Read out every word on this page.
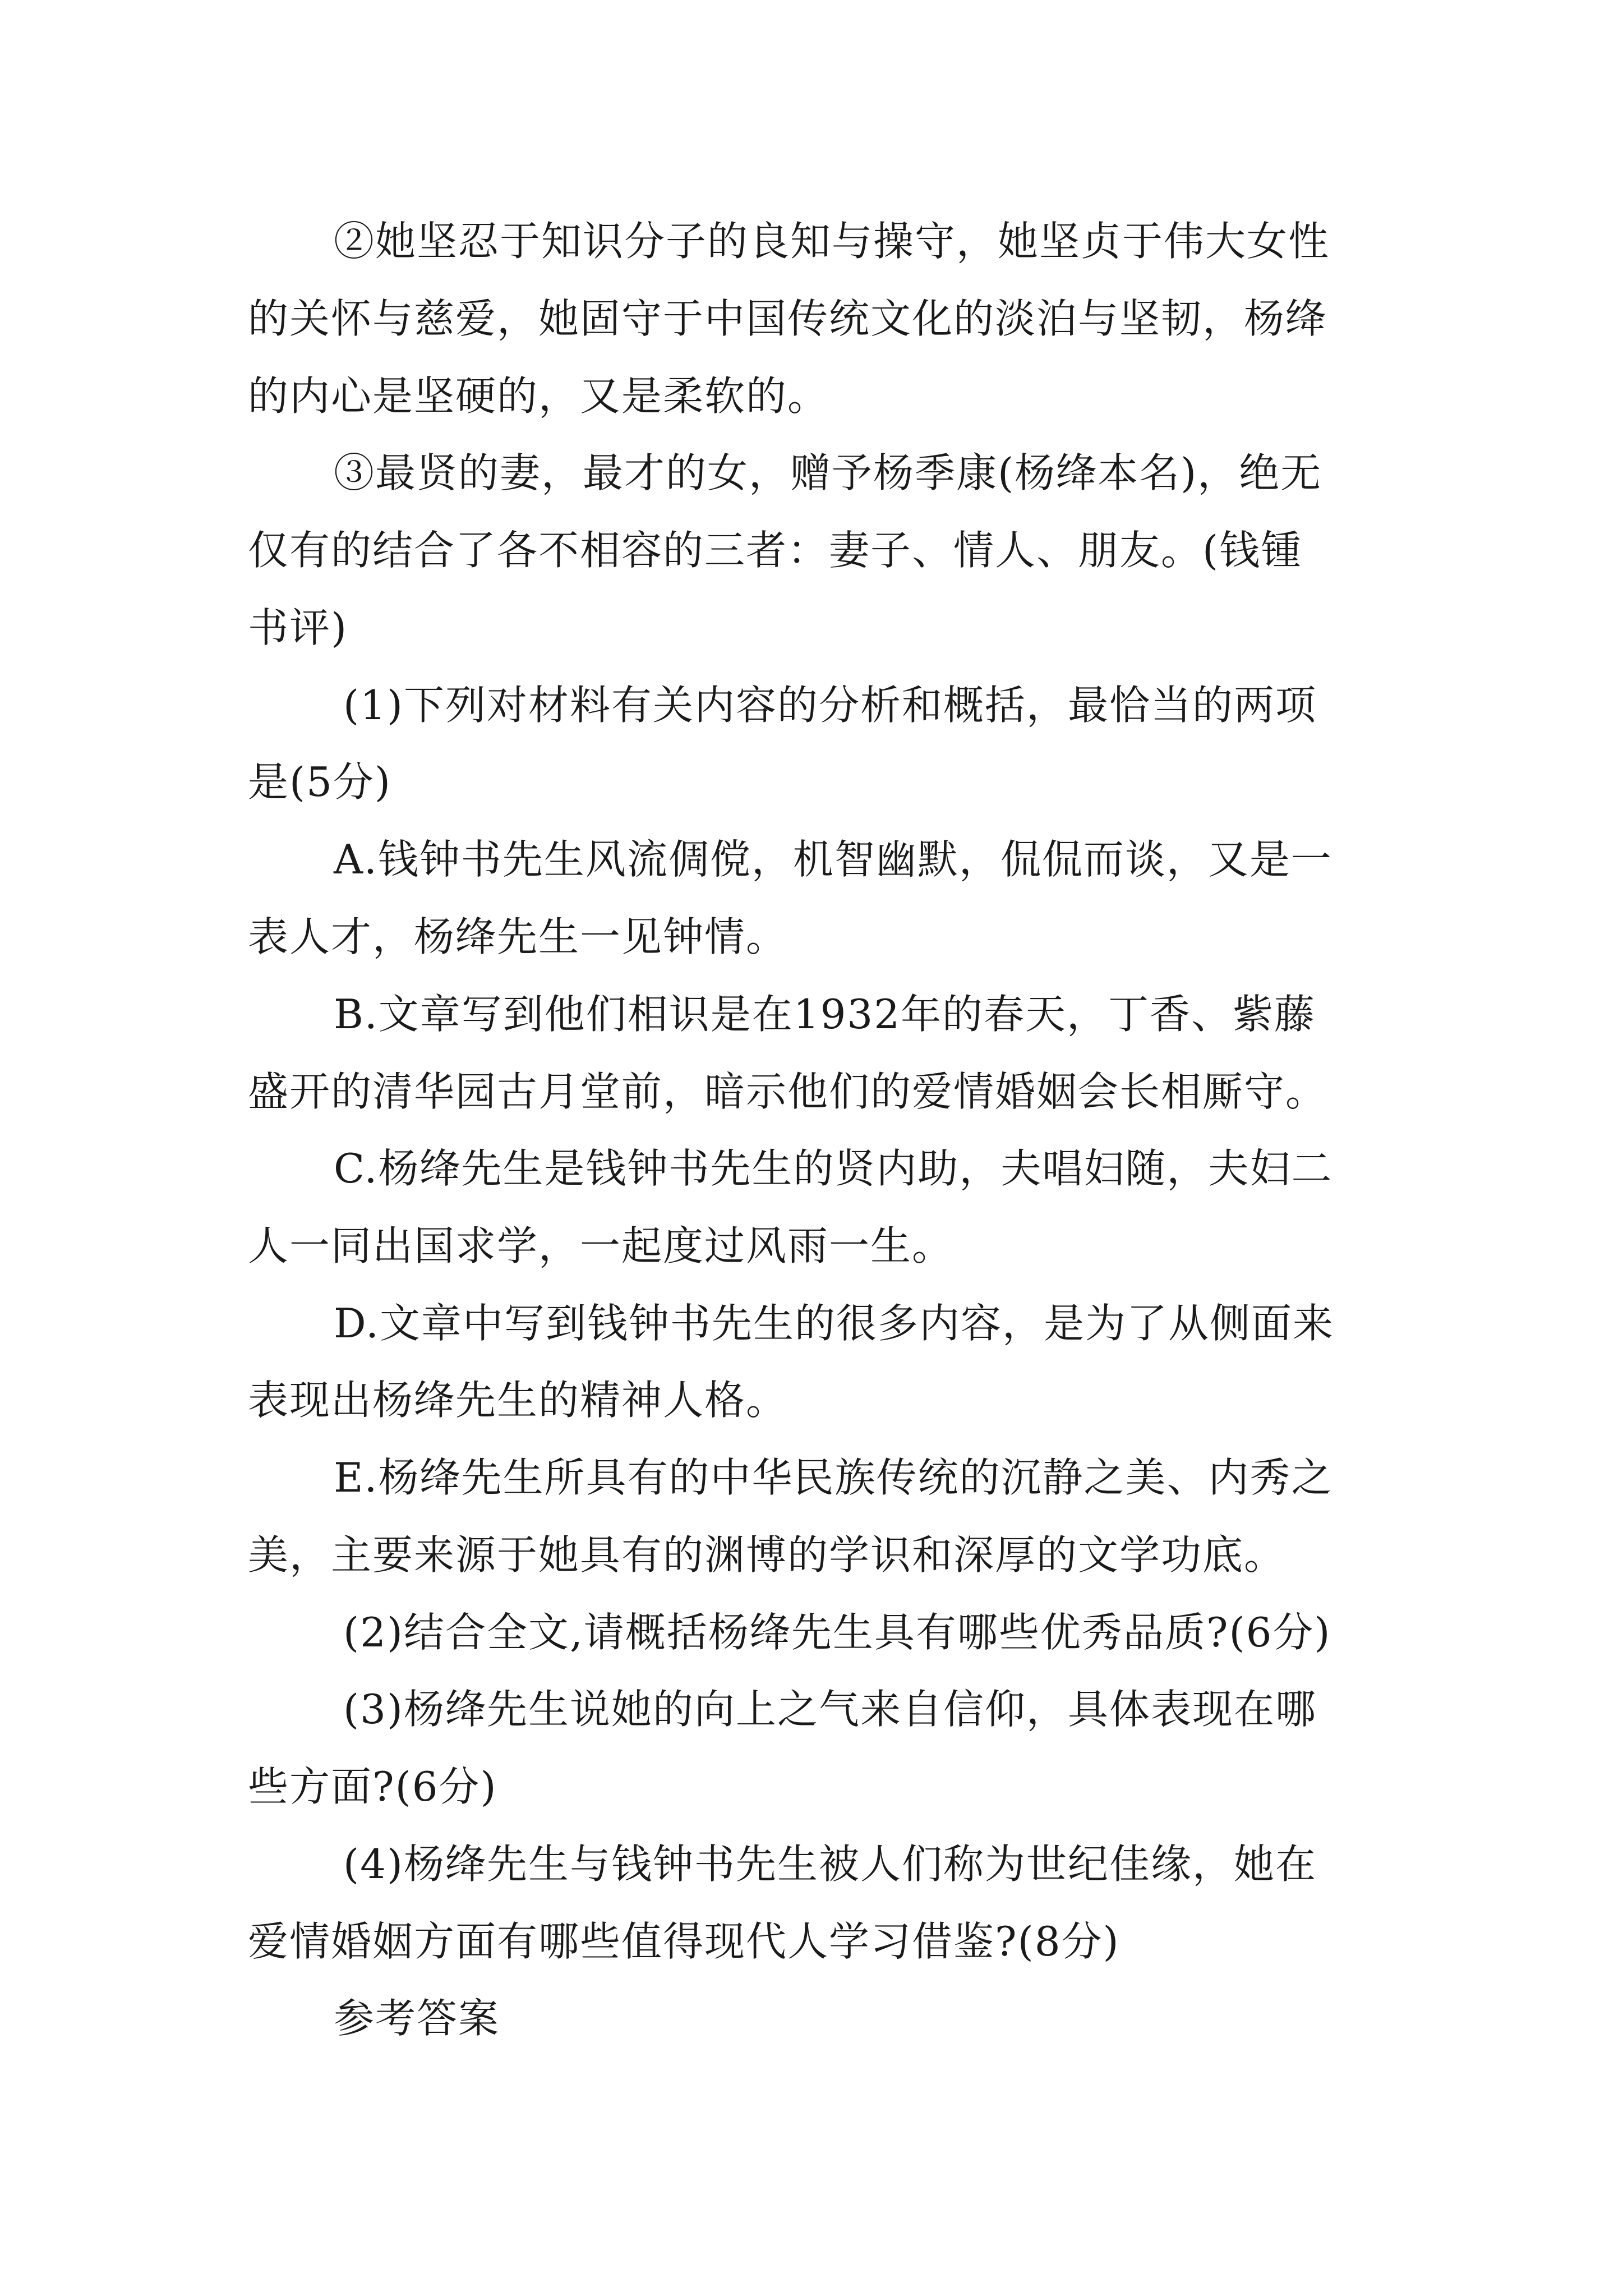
②她坚忍于知识分子的良知与操守，她坚贞于伟大女性

的关怀与慈爱，她固守于中国传统文化的淡泊与坚韧，杨绛

的内心是坚硬的，又是柔软的。

③最贤的妻，最才的女，赠予杨季康(杨绛本名)，绝无

仅有的结合了各不相容的三者：妻子、情人、朋友。(钱锺

书评)

(1)下列对材料有关内容的分析和概括，最恰当的两项

是(5分)

A.钱钟书先生风流倜傥，机智幽默，侃侃而谈，又是一

表人才，杨绛先生一见钟情。

B.文章写到他们相识是在1932年的春天，丁香、紫藤

盛开的清华园古月堂前，暗示他们的爱情婚姻会长相厮守。

C.杨绛先生是钱钟书先生的贤内助，夫唱妇随，夫妇二

人一同出国求学，一起度过风雨一生。

D.文章中写到钱钟书先生的很多内容，是为了从侧面来

表现出杨绛先生的精神人格。

E.杨绛先生所具有的中华民族传统的沉静之美、内秀之

美，主要来源于她具有的渊博的学识和深厚的文学功底。

(2)结合全文,请概括杨绛先生具有哪些优秀品质?(6分)

(3)杨绛先生说她的向上之气来自信仰，具体表现在哪

些方面?(6分)

(4)杨绛先生与钱钟书先生被人们称为世纪佳缘，她在

爱情婚姻方面有哪些值得现代人学习借鉴?(8分)

参考答案
